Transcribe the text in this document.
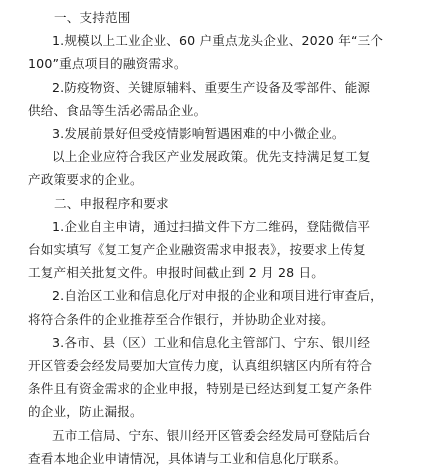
一、支持范围
1.规模以上工业企业、60 户重点龙头企业、2020 年“三个
100”重点项目的融资需求。
2.防疫物资、关键原辅料、重要生产设备及零部件、能源
供给、食品等生活必需品企业。
3.发展前景好但受疫情影响暂遇困难的中小微企业。
以上企业应符合我区产业发展政策。优先支持满足复工复
产政策要求的企业。
二、申报程序和要求
1.企业自主申请，通过扫描文件下方二维码，登陆微信平
台如实填写《复工复产企业融资需求申报表》，按要求上传复
工复产相关批复文件。申报时间截止到 2 月 28 日。
2.自治区工业和信息化厅对申报的企业和项目进行审查后，
将符合条件的企业推荐至合作银行，并协助企业对接。
3.各市、县（区）工业和信息化主管部门、宁东、银川经
开区管委会经发局要加大宣传力度，认真组织辖区内所有符合
条件且有资金需求的企业申报，特别是已经达到复工复产条件
的企业，防止漏报。
五市工信局、宁东、银川经开区管委会经发局可登陆后台
查看本地企业申请情况，具体请与工业和信息化厅联系。
